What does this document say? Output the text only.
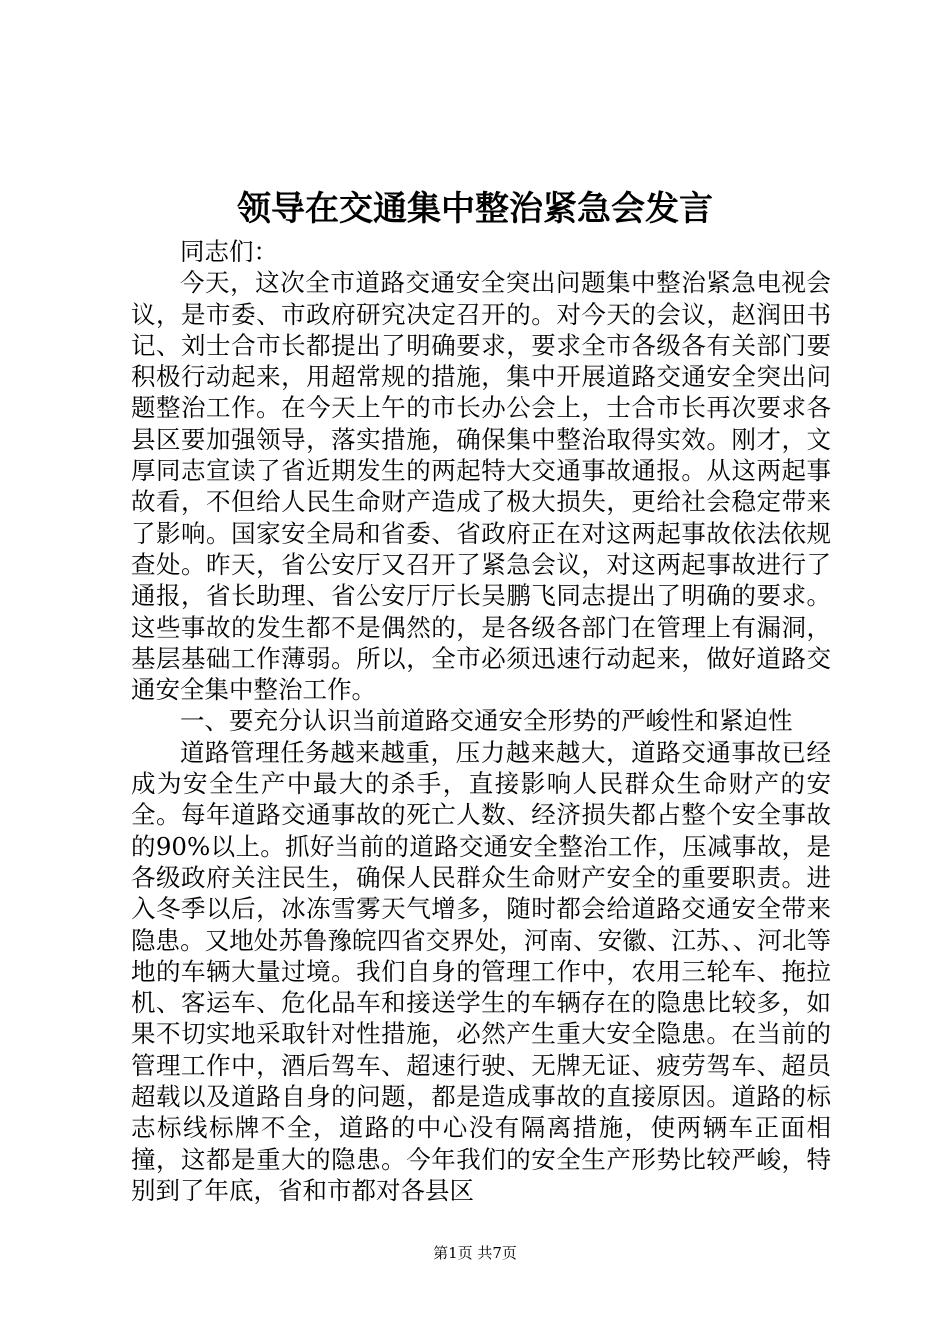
领导在交通集中整治紧急会发言

同志们：

今天，这次全市道路交通安全突出问题集中整治紧急电视会议，是市委、市政府研究决定召开的。对今天的会议，赵润田书记、刘士合市长都提出了明确要求，要求全市各级各有关部门要积极行动起来，用超常规的措施，集中开展道路交通安全突出问题整治工作。在今天上午的市长办公会上，士合市长再次要求各县区要加强领导，落实措施，确保集中整治取得实效。刚才，文厚同志宣读了省近期发生的两起特大交通事故通报。从这两起事故看，不但给人民生命财产造成了极大损失，更给社会稳定带来了影响。国家安全局和省委、省政府正在对这两起事故依法依规查处。昨天，省公安厅又召开了紧急会议，对这两起事故进行了通报，省长助理、省公安厅厅长吴鹏飞同志提出了明确的要求。这些事故的发生都不是偶然的，是各级各部门在管理上有漏洞，基层基础工作薄弱。所以，全市必须迅速行动起来，做好道路交通安全集中整治工作。

一、要充分认识当前道路交通安全形势的严峻性和紧迫性

道路管理任务越来越重，压力越来越大，道路交通事故已经成为安全生产中最大的杀手，直接影响人民群众生命财产的安全。每年道路交通事故的死亡人数、经济损失都占整个安全事故的90%以上。抓好当前的道路交通安全整治工作，压减事故，是各级政府关注民生，确保人民群众生命财产安全的重要职责。进入冬季以后，冰冻雪雾天气增多，随时都会给道路交通安全带来隐患。又地处苏鲁豫皖四省交界处，河南、安徽、江苏、、河北等地的车辆大量过境。我们自身的管理工作中，农用三轮车、拖拉机、客运车、危化品车和接送学生的车辆存在的隐患比较多，如果不切实地采取针对性措施，必然产生重大安全隐患。在当前的管理工作中，酒后驾车、超速行驶、无牌无证、疲劳驾车、超员超载以及道路自身的问题，都是造成事故的直接原因。道路的标志标线标牌不全，道路的中心没有隔离措施，使两辆车正面相撞，这都是重大的隐患。今年我们的安全生产形势比较严峻，特别到了年底，省和市都对各县区

第1页 共7页
